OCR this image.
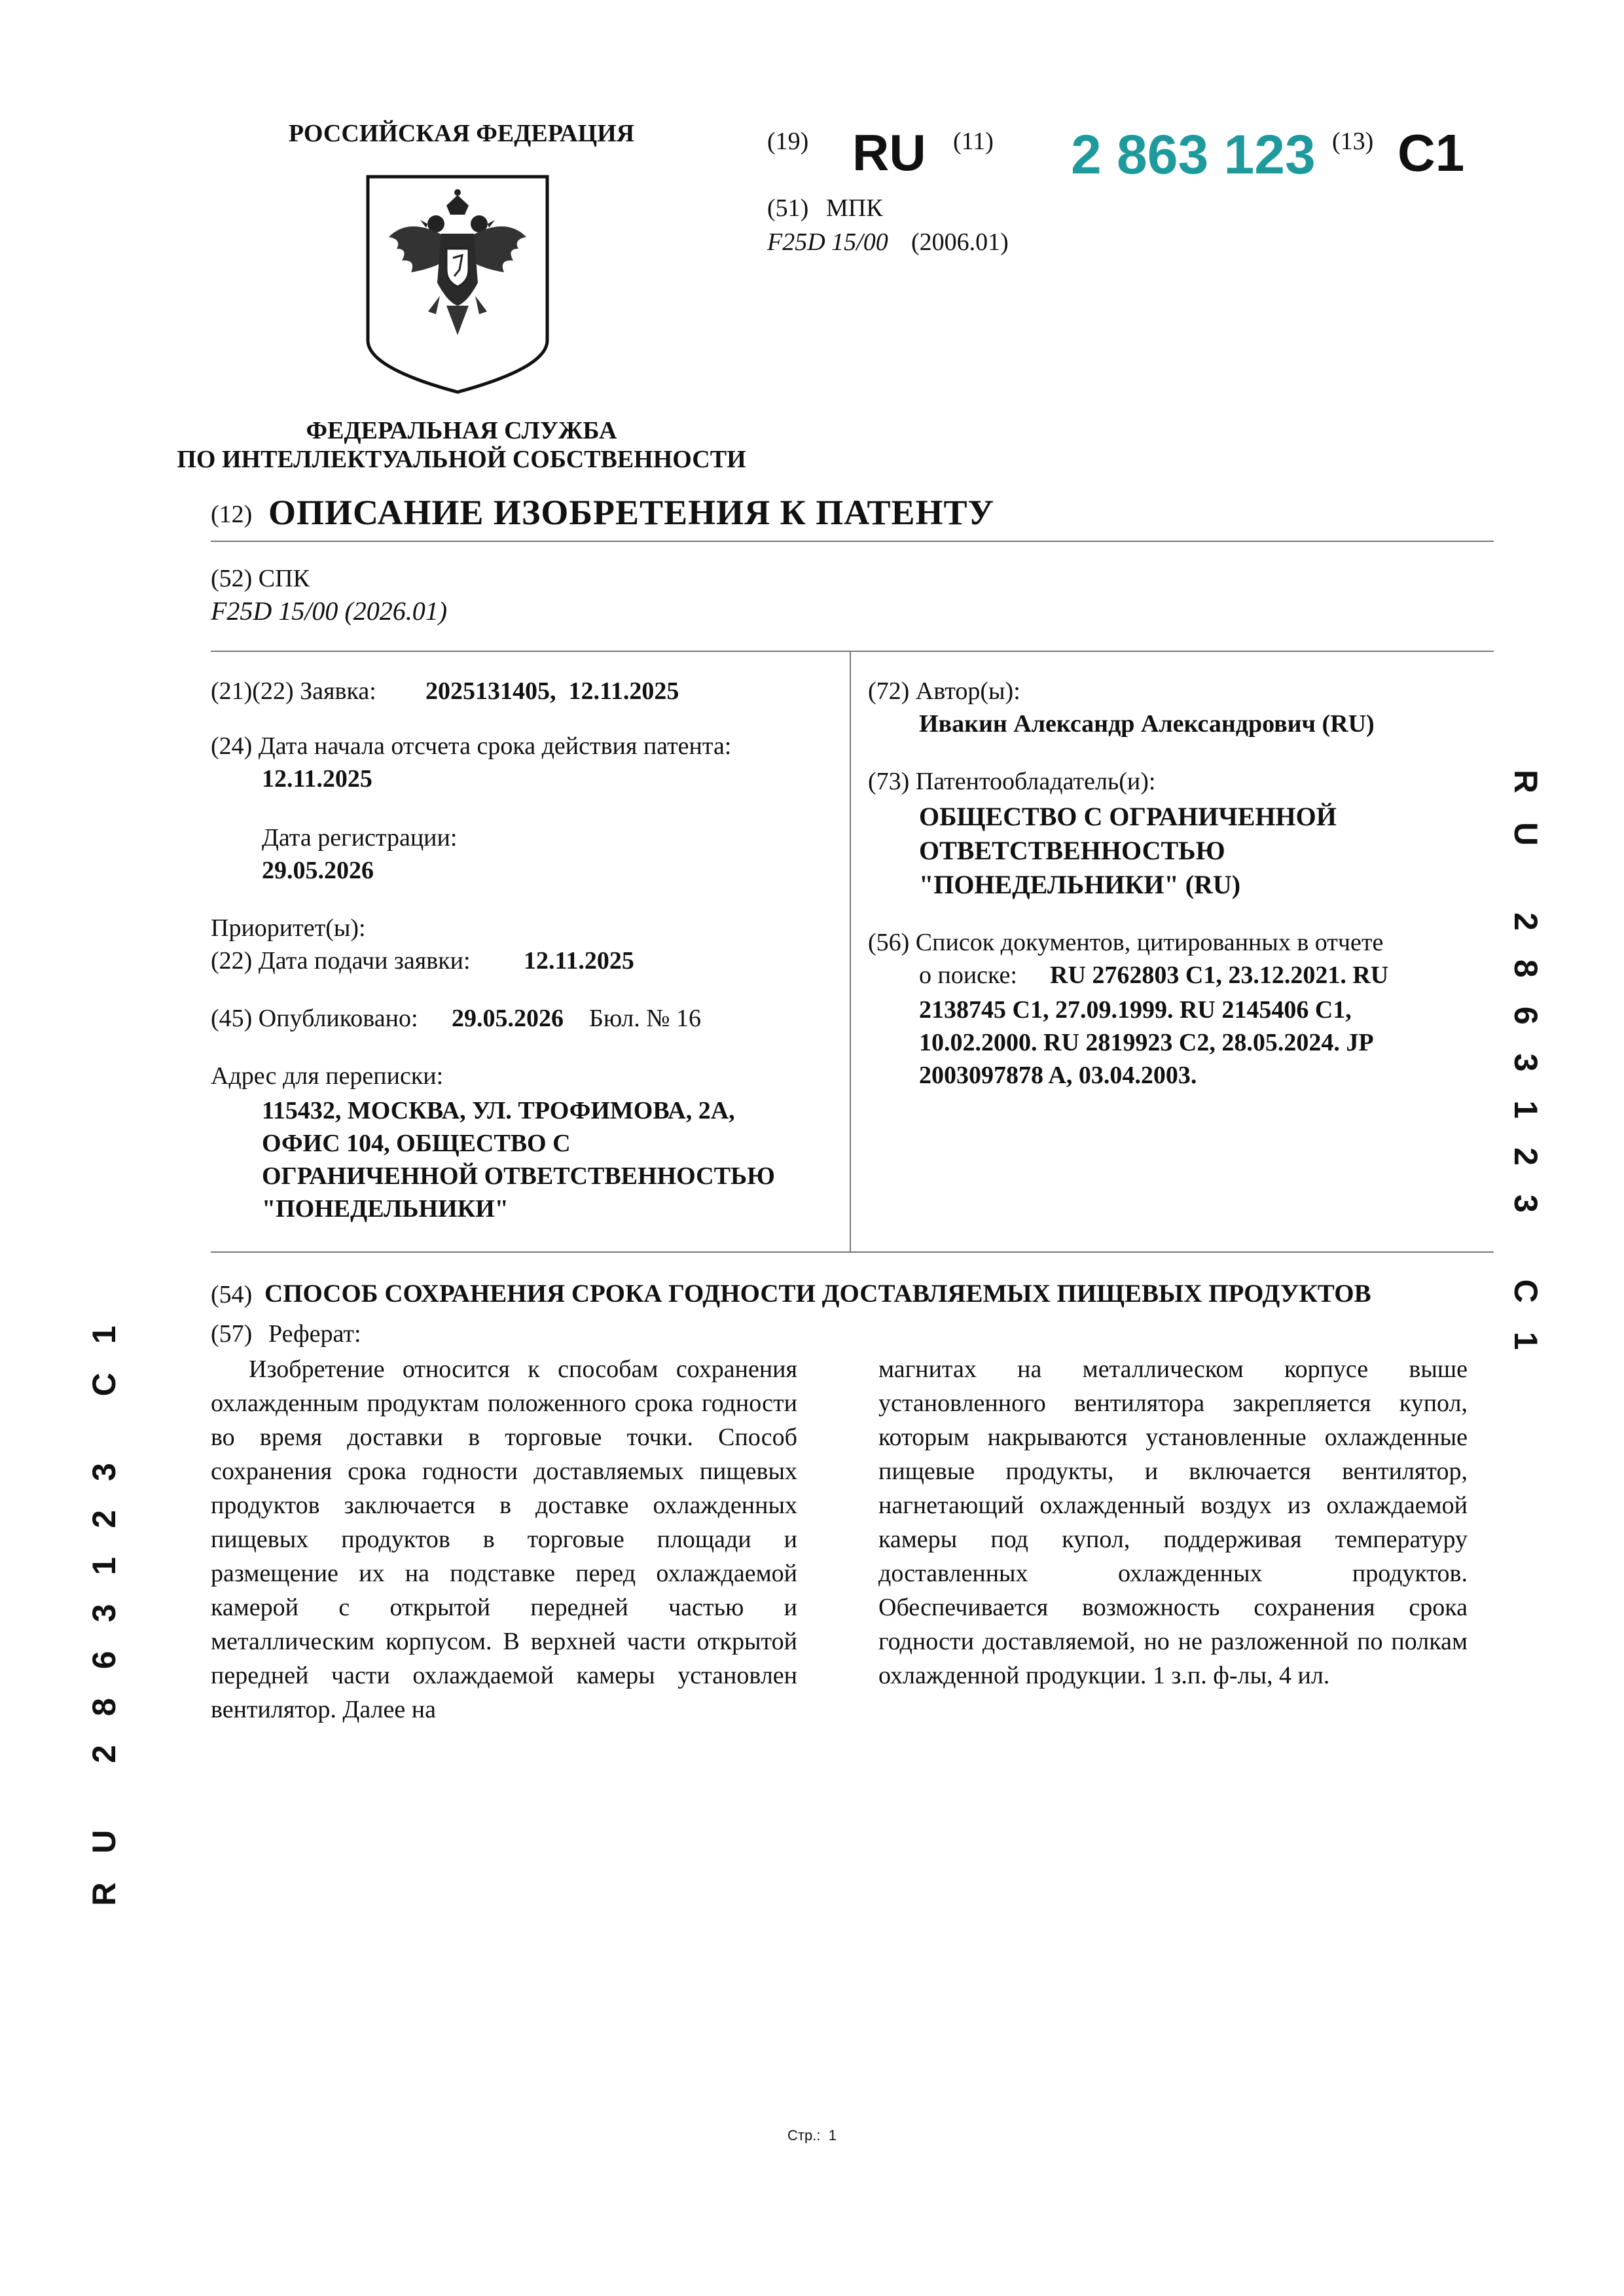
РОССИЙСКАЯ ФЕДЕРАЦИЯ
ФЕДЕРАЛЬНАЯ СЛУЖБА
ПО ИНТЕЛЛЕКТУАЛЬНОЙ СОБСТВЕННОСТИ
(19) RU (11) 2 863 123 (13) C1
(51) МПК
F25D 15/00 (2006.01)
(12) ОПИСАНИЕ ИЗОБРЕТЕНИЯ К ПАТЕНТУ
(52) СПК
F25D 15/00 (2026.01)
(21)(22) Заявка: 2025131405,  12.11.2025
(24) Дата начала отсчета срока действия патента:
12.11.2025
Дата регистрации:
29.05.2026
Приоритет(ы):
(22) Дата подачи заявки: 12.11.2025
(45) Опубликовано: 29.05.2026 Бюл. № 16
Адрес для переписки:
115432, МОСКВА, УЛ. ТРОФИМОВА, 2А,
ОФИС 104, ОБЩЕСТВО С
ОГРАНИЧЕННОЙ ОТВЕТСТВЕННОСТЬЮ
"ПОНЕДЕЛЬНИКИ"
(72) Автор(ы):
Ивакин Александр Александрович (RU)
(73) Патентообладатель(и):
ОБЩЕСТВО С ОГРАНИЧЕННОЙ
ОТВЕТСТВЕННОСТЬЮ
"ПОНЕДЕЛЬНИКИ" (RU)
(56) Список документов, цитированных в отчете
о поиске: RU 2762803 C1, 23.12.2021. RU
2138745 C1, 27.09.1999. RU 2145406 C1,
10.02.2000. RU 2819923 C2, 28.05.2024. JP
2003097878 A, 03.04.2003.
(54) СПОСОБ СОХРАНЕНИЯ СРОКА ГОДНОСТИ ДОСТАВЛЯЕМЫХ ПИЩЕВЫХ ПРОДУКТОВ
(57) Реферат:
Изобретение относится к способам сохранения охлажденным продуктам положенного срока годности во время доставки в торговые точки. Способ сохранения срока годности доставляемых пищевых продуктов заключается в доставке охлажденных пищевых продуктов в торговые площади и размещение их на подставке перед охлаждаемой камерой с открытой передней частью и металлическим корпусом. В верхней части открытой передней части охлаждаемой камеры установлен вентилятор. Далее на
магнитах на металлическом корпусе выше установленного вентилятора закрепляется купол, которым накрываются установленные охлажденные пищевые продукты, и включается вентилятор, нагнетающий охлажденный воздух из охлаждаемой камеры под купол, поддерживая температуру доставленных охлажденных продуктов. Обеспечивается возможность сохранения срока годности доставляемой, но не разложенной по полкам охлажденной продукции. 1 з.п. ф-лы, 4 ил.
RU 2863123 C1
RU 2863123 C1
Стр.:  1
